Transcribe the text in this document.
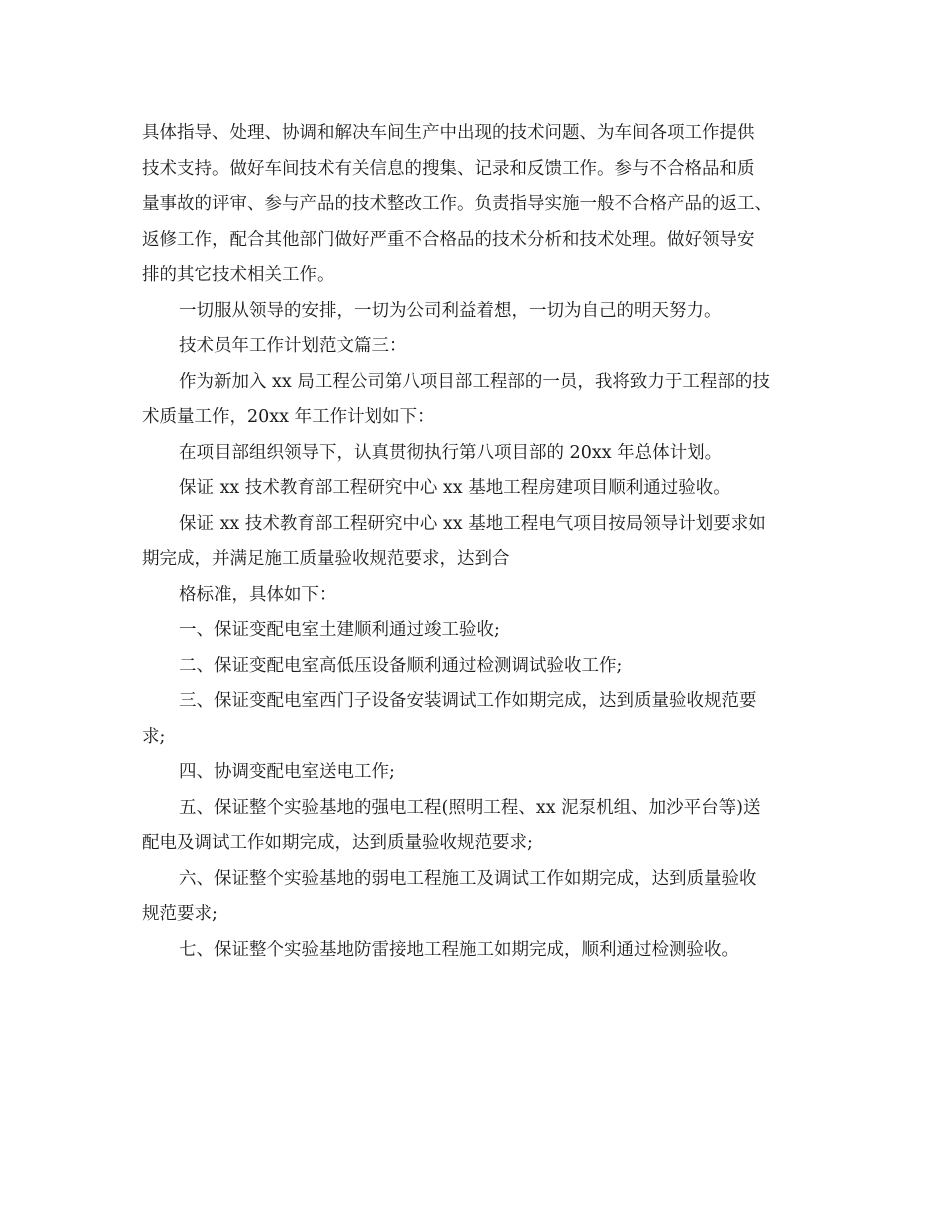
具体指导、处理、协调和解决车间生产中出现的技术问题、为车间各项工作提供
技术支持。做好车间技术有关信息的搜集、记录和反馈工作。参与不合格品和质
量事故的评审、参与产品的技术整改工作。负责指导实施一般不合格产品的返工、
返修工作，配合其他部门做好严重不合格品的技术分析和技术处理。做好领导安
排的其它技术相关工作。
一切服从领导的安排，一切为公司利益着想，一切为自己的明天努力。
技术员年工作计划范文篇三：
作为新加入 xx 局工程公司第八项目部工程部的一员，我将致力于工程部的技
术质量工作，20xx 年工作计划如下：
在项目部组织领导下，认真贯彻执行第八项目部的 20xx 年总体计划。
保证 xx 技术教育部工程研究中心 xx 基地工程房建项目顺利通过验收。
保证 xx 技术教育部工程研究中心 xx 基地工程电气项目按局领导计划要求如
期完成，并满足施工质量验收规范要求，达到合
格标准，具体如下：
一、保证变配电室土建顺利通过竣工验收;
二、保证变配电室高低压设备顺利通过检测调试验收工作;
三、保证变配电室西门子设备安装调试工作如期完成，达到质量验收规范要
求;
四、协调变配电室送电工作;
五、保证整个实验基地的强电工程(照明工程、xx 泥泵机组、加沙平台等)送
配电及调试工作如期完成，达到质量验收规范要求;
六、保证整个实验基地的弱电工程施工及调试工作如期完成，达到质量验收
规范要求;
七、保证整个实验基地防雷接地工程施工如期完成，顺利通过检测验收。
